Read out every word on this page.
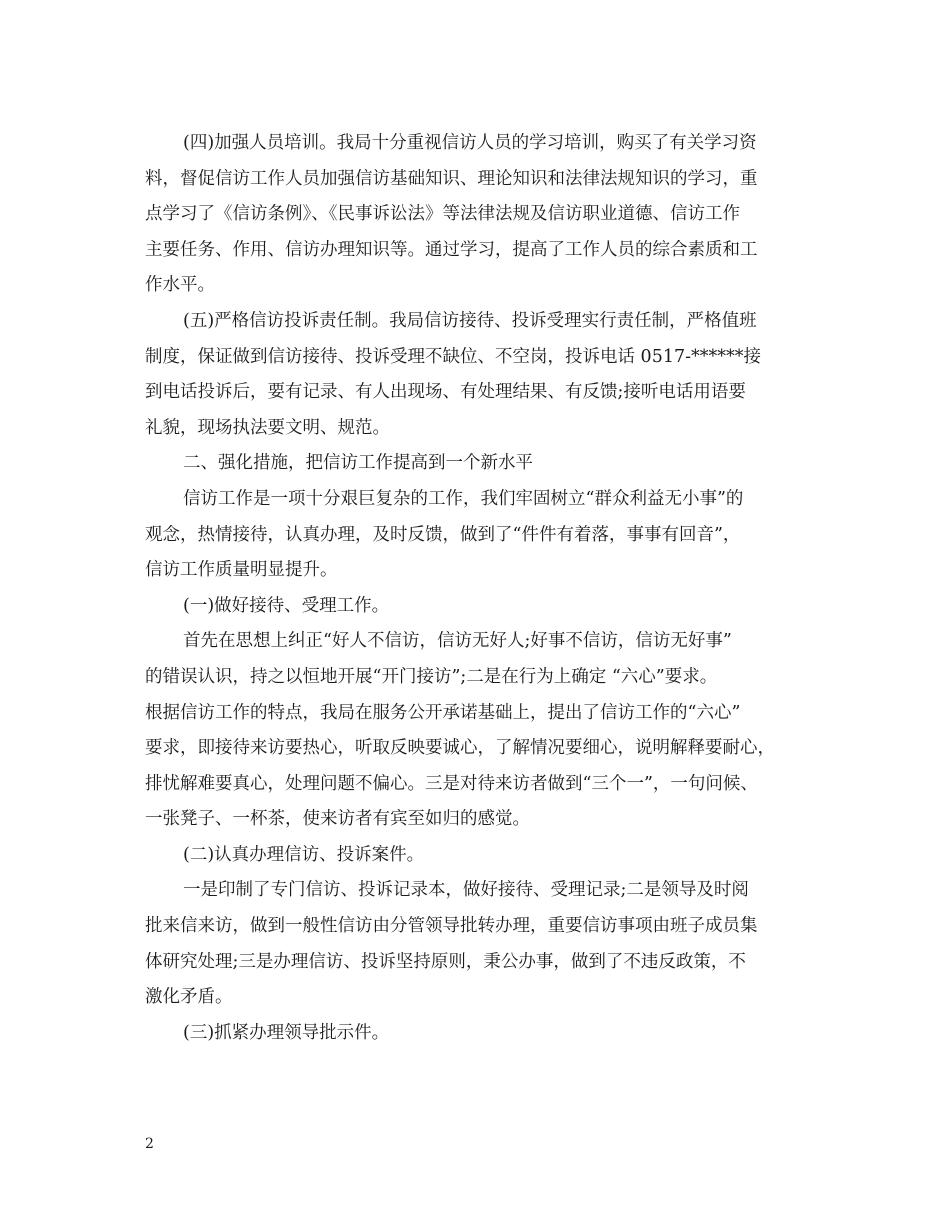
(四)加强人员培训。我局十分重视信访人员的学习培训，购买了有关学习资
料，督促信访工作人员加强信访基础知识、理论知识和法律法规知识的学习，重
点学习了《信访条例》、《民事诉讼法》等法律法规及信访职业道德、信访工作
主要任务、作用、信访办理知识等。通过学习，提高了工作人员的综合素质和工
作水平。
(五)严格信访投诉责任制。我局信访接待、投诉受理实行责任制，严格值班
制度，保证做到信访接待、投诉受理不缺位、不空岗，投诉电话 0517-******接
到电话投诉后，要有记录、有人出现场、有处理结果、有反馈;接听电话用语要
礼貌，现场执法要文明、规范。
二、强化措施，把信访工作提高到一个新水平
信访工作是一项十分艰巨复杂的工作，我们牢固树立“群众利益无小事”的
观念，热情接待，认真办理，及时反馈，做到了“件件有着落，事事有回音”，
信访工作质量明显提升。
(一)做好接待、受理工作。
首先在思想上纠正“好人不信访，信访无好人;好事不信访，信访无好事”
的错误认识，持之以恒地开展“开门接访”;二是在行为上确定 “六心”要求。
根据信访工作的特点，我局在服务公开承诺基础上，提出了信访工作的“六心”
要求，即接待来访要热心，听取反映要诚心，了解情况要细心，说明解释要耐心，
排忧解难要真心，处理问题不偏心。三是对待来访者做到“三个一”，一句问候、
一张凳子、一杯茶，使来访者有宾至如归的感觉。
(二)认真办理信访、投诉案件。
一是印制了专门信访、投诉记录本，做好接待、受理记录;二是领导及时阅
批来信来访，做到一般性信访由分管领导批转办理，重要信访事项由班子成员集
体研究处理;三是办理信访、投诉坚持原则，秉公办事，做到了不违反政策，不
激化矛盾。
(三)抓紧办理领导批示件。
2
